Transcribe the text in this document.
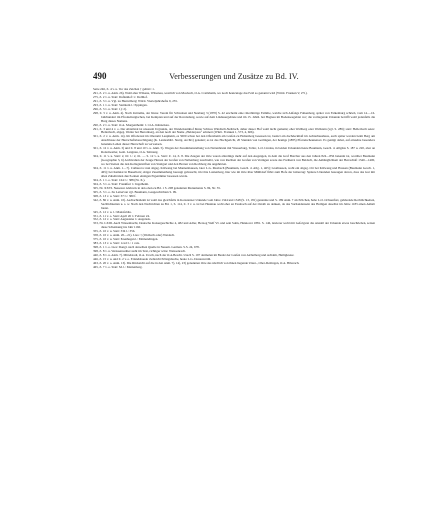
490	Verbesserungen und Zusätze zu Bd. IV.

Seite 246, Z. 4 v. u. Vor das Zeichen † gehört: 1.

291, Z. 2 v. u. Anm. 26). Wohl eher Wilsene, Wilsenau, westlich von Mosbach, O.A. Crailsheim, wo noch heutzutage das Feld so genannt wird (Württ. Franken V, 271).

275, Z. 2 v. u. Statt: Daflenhof: l.: Dollhof.

291, Z. 3 v. u. Vgl. zu Harrutlberg: Württ. Vierteljahrshefte 9, 255.

293, Z. 1 v. u. Statt: Steinlein l.: Eppingen.

296, Z. 3 v. u. Statt: 1): 2).

298, Z. 5 v. u. Anm. 4). Nach Zeitreihe, der histor. Verein für Schwaben und Neuburg 3 (1870) S. 42 erscheint eine ritterbürtige Familie, welche sich Anfangs Falkenberg, später von Falkenburg schrieb, vom 14.—16. Jahrhundert im Pfronteburgischen, bei Kempten und auf der Ravensburg, sowie auf dem Lindauergebiete und im 15. Jahrh. bei Hagnau im Bodenseegebiet vor; die vorliegende Urkunde betrifft wohl jedenfalls die Burg dieses Namens.

290, Z. 2 v. u. Statt: O.A. Morgentheim: l.: O.A. Künzelsau.

291, Z. 3 und 4 v. o. Der Abteilstal ist unserem Urgrunde, der Wendelsteinhof hinter Schloss Windisch-Neiblach, daher dieser Hof wohl nicht gemeint; eher Wallberg oder Wallstein (vgl. S. 289); statt: Hellerbach setze: Heilerbach, abgeg. Weiler bei Herrenberg, an den noch der Name „Helderpass“ erinnert (Württ. Franken 1, 573, 4, 606).

301, Z. 2 v. u. Anm. 14). Im Oftobersal im Oberamt Laupheim, es 5000 schon bei den Oftersheim am Grafen zu Hohenberg besessen ist, besitzt ein dachdeckhaft im Achterhaushaus, auch später werden beim Berg am Anschlusse der Herrschaftsberechtigung (K. Landesbibl. Stuttg. Archiv) genannt; es ist das Hochgericht, 20 Stunden von Gerlingen, der heutige (1885) Pfarreischeunenort. Es genügt dabei, auf einzelne besonders benannte Lehen dieser Herrschaft zu verweisen.

301, Z. 12 v. u. Anm. 3) und Z. 8 und 10 v. u. Anm. 5). Wegen der Zusammenstellung von Nattenbrunn mit Wasserburg, Teller, L.O. Lindau, in beiden Urkunden heute Baumann, Gesch. d. Allgäus S. 187 u. 220, aber an Rottenweiler, Gem. Langnau, O.A. Tettnang.

304, Z. 11 v. u. Statt: 2, 61: l.: 2, 61. — S. 12 v. u. Statt: Z. 14, Z. 8. Die Zeugen der Orte waren allerdings mehr auf den Augengen, in dem die Graf Burchar aus den Jahren 824—856 bekannt ist, worüber Baumann (Geographie 3, 6) Archivalien der Zeuge Herren der Grafen von Nellenburg zuschreibt, wie von Rechten der Grafen von Veringen sowie des Freiherrn von Baldsch, die Anhänglichkeit der Herrschaft 1340—1400, wo bei Stetten die den Kollegiatstiften von Stuttgart und den Herren von Rechberg die angehörten.

304, Z. 11 v. u. Anm. 1—7). Cathareca: nun abgeg. Kittwang bei Mannenbausen, later L.G. Mosbach (Baumann, Gesch. d. Allg. 1, 465); Grothausen, wohl ein abgeg. Ort bei Kittwang und Hausen (Baumann Gesch. 1, 465); bei Kemnat in Bauerholz; obiger Zusammenhang bezeugt gebraucht, im Orte Luzienberg, hier wie im Orte über Mühldorf führt zum Hofe der Güterzug: Spätere Urkunden bezeugen davon, dass das Gut mit allen Zubehörden durch einen einzigen Eigentümer besessen wurde.

304, Z. 1 v. o. Statt: 164: l.: 388 (Nr. X.).

304, Z. 3 v. u. Statt: Frankfurt l.: Ingelheim.

305, Nr. XXVI. Neuester Abdruck in den oben zu Bd. 1 S. 208 genannten Monumenta S. 84, Nr. 35.

305, Z. 3 v. o. Zu Leitervan vgl. Baumann, Gaugeschichten S. 99.

308, Z. 13 v. u. Statt: 37: l.: 380 f.

342, Z. 86 v. u. Anm. 10). Aschachtsheim ist wohl das gleichfalls in Konstanzer Urkunde vom Jahre 1344 und 1348 (S. 13, 181) genannte und S. 189 Anm. 7 als Erlichen, habe L.O. Ochsenfurt, gehörende Rechtlichkeiten, Sachlichkeiten u. s. w. Nach den Nachrichten zu Bd. 1, S. 114, Z. 3 v. u. ist bei Hautnau wohl eher an Fassbach auf der Ostalb zu denken, da das Vorhandensein des Heiligen daselbst im Jahre 1183 einen Anhalt bietet.

345, Z. 12 v. u. l.: Mansfeldia.

351, Z. 11 v. o. Statt: April 26 l.: Februar 24.

352, Z. 12 v. o. Statt: Augustana l.: Augensis.

353, Nr. LXIII. Auch Wissenbucht, Deutsche Kaisergeschichte 4, 482 und Adler, Herzog Welf VI. und sein Sohn, Hannover 1881. S. 146, letzterer wohl mit Gefolgsrat die Anzahl der Urkunde etwas beschrieben, setzen diese Schenkung ins Jahr 1160.

355, Z. 10 v. u. Statt: 334 l.: 356.

358, Z. 10 v. o. Anm. 20—21). Lies: † (Weibach oder) Weidach.

375, Z. 10 v. u. Statt: Ezenhagen l.: Emmendingen.

383, Z. 13 v. u. Statt: 1cad: l.: 1 cais.

398, Z. 1 v. o. Lies: Dongl. nach derselben Quelle in Neuem. German. S.S. 24, 678.

398, Z. 8 v. u. Weissenweiher steht im Text, richtiger wäre: Weissenrach.

440, Z. 8 v. u. Anm. 7). Mittelstadt, O.A. Urach, nach der O.A.Beschr. Urach S. 197 dermalen im Besitz der Grafen von Aichelberg und Achalm, Heiligkreuz.

446, Z. 15 v. u. und Z. 2 v. o. Erlandsbuede vielleicht Erlingsbuche, heute L.G. Donauwörth.

463, Z. 20 v. o. Anm. 13). Die Rücksicht auf die in den Anm. 7), 14), 23) genannten Orte des nördlich von ihnen liegende Unter-, Ober-Dettingen, O.A. Biberach.

465, Z. 7 v. o. Statt: M. l.: Marienberg.
